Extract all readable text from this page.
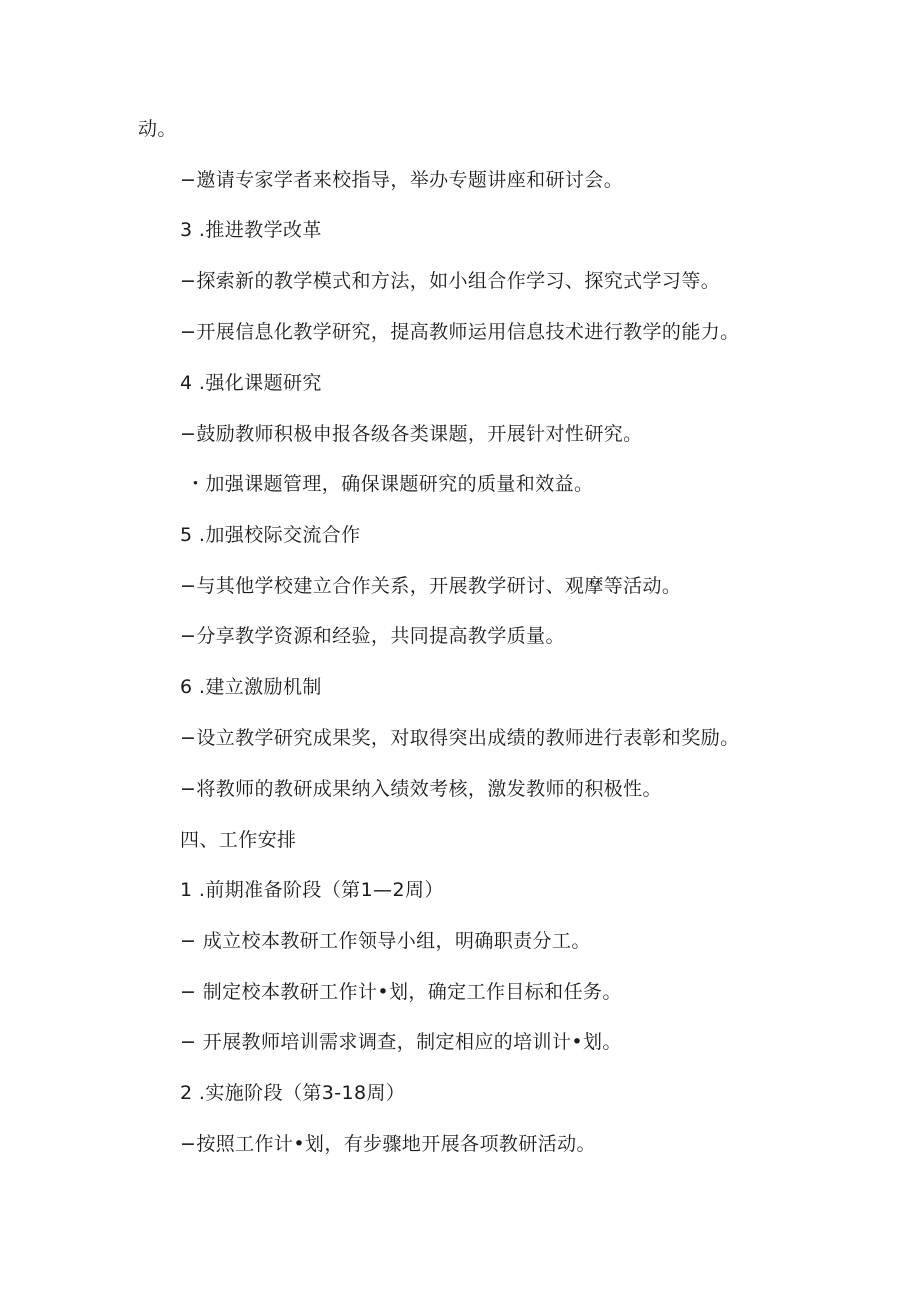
动。
−邀请专家学者来校指导，举办专题讲座和研讨会。
3 .推进教学改革
−探索新的教学模式和方法，如小组合作学习、探究式学习等。
−开展信息化教学研究，提高教师运用信息技术进行教学的能力。
4 .强化课题研究
−鼓励教师积极申报各级各类课题，开展针对性研究。
・加强课题管理，确保课题研究的质量和效益。
5 .加强校际交流合作
−与其他学校建立合作关系，开展教学研讨、观摩等活动。
−分享教学资源和经验，共同提高教学质量。
6 .建立激励机制
−设立教学研究成果奖，对取得突出成绩的教师进行表彰和奖励。
−将教师的教研成果纳入绩效考核，激发教师的积极性。
四、工作安排
1 .前期准备阶段（第1—2周）
− 成立校本教研工作领导小组，明确职责分工。
− 制定校本教研工作计•划，确定工作目标和任务。
− 开展教师培训需求调查，制定相应的培训计•划。
2 .实施阶段（第3-18周）
−按照工作计•划，有步骤地开展各项教研活动。
